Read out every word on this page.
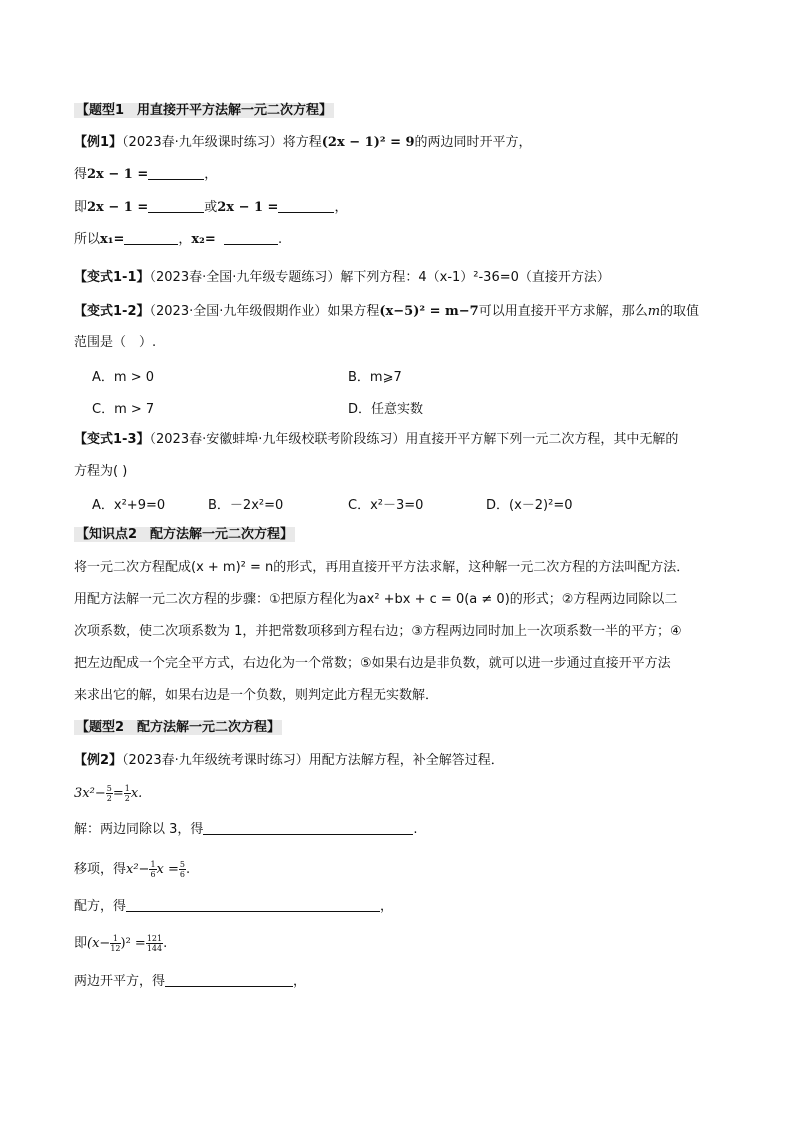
【题型1　用直接开平方法解一元二次方程】
【例1】（2023春·九年级课时练习）将方程(2x − 1)² = 9的两边同时开平方，
得2x − 1 =	，
即2x − 1 =	或2x − 1 =	，
所以x₁=	，x₂=	.
【变式1-1】（2023春·全国·九年级专题练习）解下列方程：4（x-1）²-36=0（直接开方法）
【变式1-2】（2023·全国·九年级假期作业）如果方程(x−5)² = m−7可以用直接开平方求解，那么m的取值
范围是（　）.
A．m > 0	B．m⩾7
C．m > 7	D．任意实数
【变式1-3】（2023春·安徽蚌埠·九年级校联考阶段练习）用直接开平方解下列一元二次方程，其中无解的
方程为( )
A．x²+9=0	B．－2x²=0	C．x²－3=0	D．(x－2)²=0
【知识点2　配方法解一元二次方程】
将一元二次方程配成(x + m)² = n的形式，再用直接开平方法求解，这种解一元二次方程的方法叫配方法．
用配方法解一元二次方程的步骤：①把原方程化为ax² +bx + c = 0(a ≠ 0)的形式；②方程两边同除以二
次项系数，使二次项系数为 1，并把常数项移到方程右边；③方程两边同时加上一次项系数一半的平方；④
把左边配成一个完全平方式，右边化为一个常数；⑤如果右边是非负数，就可以进一步通过直接开平方法
来求出它的解，如果右边是一个负数，则判定此方程无实数解．
【题型2　配方法解一元二次方程】
【例2】（2023春·九年级统考课时练习）用配方法解方程，补全解答过程．
$3x^2- \frac{5}{2} = \frac{1}{2} x$.
解：两边同除以 3，得	.
移项，得$x^2- \frac{1}{6}$ $x = \frac{5}{6}$ .
配方，得	，
即$(x- \frac{1}{12} )^2 = \frac{121}{144}$ .
两边开平方，得	，
